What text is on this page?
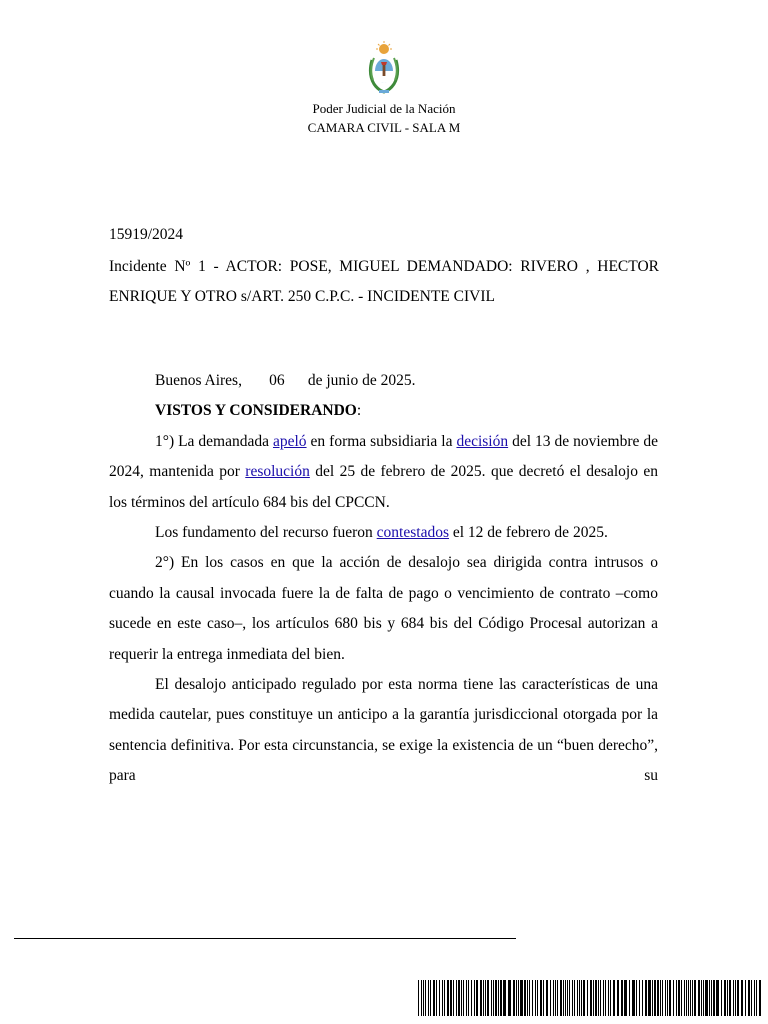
Poder Judicial de la Nación
CAMARA CIVIL - SALA M
15919/2024
Incidente Nº 1 - ACTOR: POSE, MIGUEL DEMANDADO: RIVERO , HECTOR ENRIQUE Y OTRO s/ART. 250 C.P.C. - INCIDENTE CIVIL

Buenos Aires, 06 de junio de 2025.

VISTOS Y CONSIDERANDO:

1°) La demandada apeló en forma subsidiaria la decisión del 13 de noviembre de 2024, mantenida por resolución del 25 de febrero de 2025. que decretó el desalojo en los términos del artículo 684 bis del CPCCN.

Los fundamento del recurso fueron contestados el 12 de febrero de 2025.

2°) En los casos en que la acción de desalojo sea dirigida contra intrusos o cuando la causal invocada fuere la de falta de pago o vencimiento de contrato –como sucede en este caso–, los artículos 680 bis y 684 bis del Código Procesal autorizan a requerir la entrega inmediata del bien.

El desalojo anticipado regulado por esta norma tiene las características de una medida cautelar, pues constituye un anticipo a la garantía jurisdiccional otorgada por la sentencia definitiva. Por esta circunstancia, se exige la existencia de un “buen derecho”, para su
